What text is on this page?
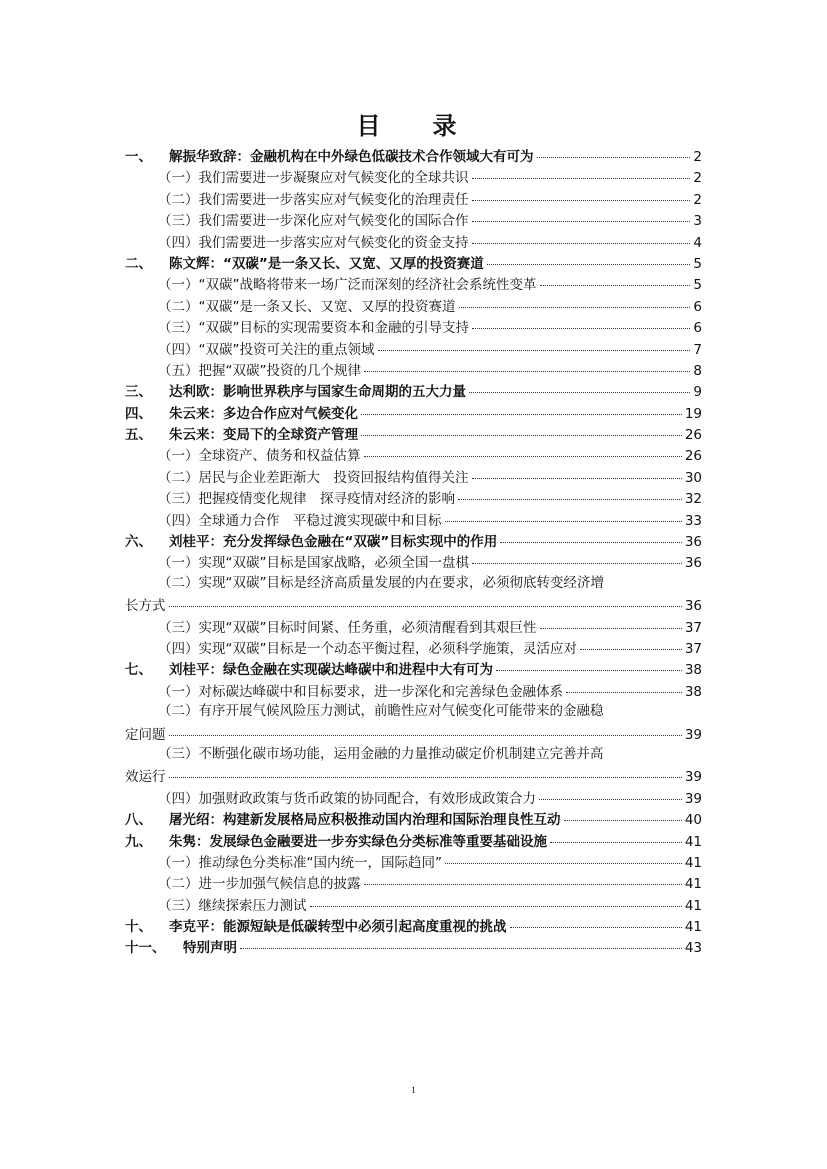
目　录
一、	解振华致辞：金融机构在中外绿色低碳技术合作领域大有可为	2
（一）我们需要进一步凝聚应对气候变化的全球共识	2
（二）我们需要进一步落实应对气候变化的治理责任	2
（三）我们需要进一步深化应对气候变化的国际合作	3
（四）我们需要进一步落实应对气候变化的资金支持	4
二、	陈文辉：“双碳”是一条又长、又宽、又厚的投资赛道	5
（一）“双碳”战略将带来一场广泛而深刻的经济社会系统性变革	5
（二）“双碳”是一条又长、又宽、又厚的投资赛道	6
（三）“双碳”目标的实现需要资本和金融的引导支持	6
（四）“双碳”投资可关注的重点领域	7
（五）把握“双碳”投资的几个规律	8
三、	达利欧：影响世界秩序与国家生命周期的五大力量	9
四、	朱云来：多边合作应对气候变化	19
五、	朱云来：变局下的全球资产管理	26
（一）全球资产、债务和权益估算	26
（二）居民与企业差距渐大　投资回报结构值得关注	30
（三）把握疫情变化规律　探寻疫情对经济的影响	32
（四）全球通力合作　平稳过渡实现碳中和目标	33
六、	刘桂平：充分发挥绿色金融在“双碳”目标实现中的作用	36
（一）实现“双碳”目标是国家战略，必须全国一盘棋	36
（二）实现“双碳”目标是经济高质量发展的内在要求，必须彻底转变经济增
长方式	36
（三）实现“双碳”目标时间紧、任务重，必须清醒看到其艰巨性	37
（四）实现“双碳”目标是一个动态平衡过程，必须科学施策，灵活应对	37
七、	刘桂平：绿色金融在实现碳达峰碳中和进程中大有可为	38
（一）对标碳达峰碳中和目标要求，进一步深化和完善绿色金融体系	38
（二）有序开展气候风险压力测试，前瞻性应对气候变化可能带来的金融稳
定问题	39
（三）不断强化碳市场功能，运用金融的力量推动碳定价机制建立完善并高
效运行	39
（四）加强财政政策与货币政策的协同配合，有效形成政策合力	39
八、	屠光绍：构建新发展格局应积极推动国内治理和国际治理良性互动	40
九、	朱隽：发展绿色金融要进一步夯实绿色分类标准等重要基础设施	41
（一）推动绿色分类标准“国内统一，国际趋同”	41
（二）进一步加强气候信息的披露	41
（三）继续探索压力测试	41
十、	李克平：能源短缺是低碳转型中必须引起高度重视的挑战	41
十一、	特别声明	43
1
